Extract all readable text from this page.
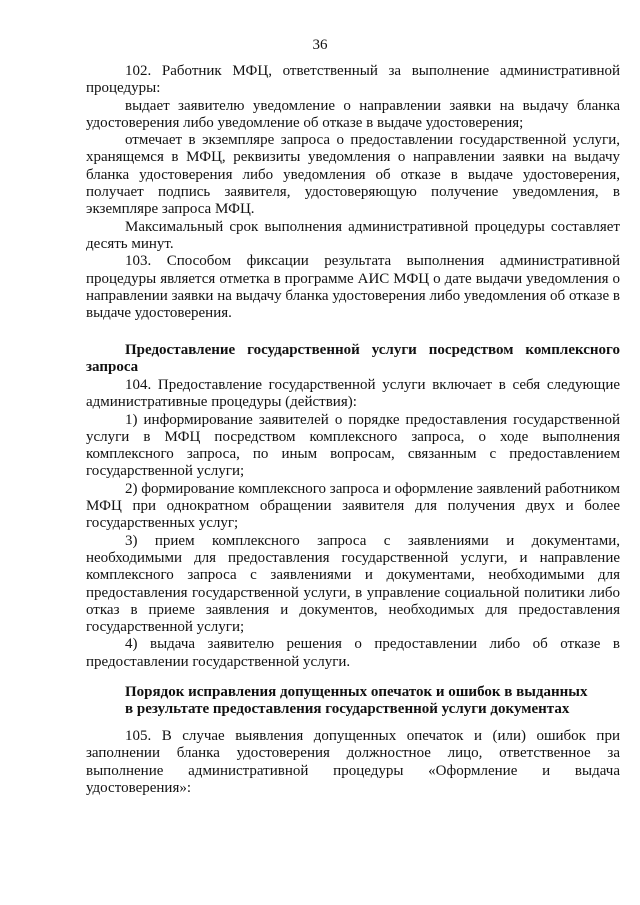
36

102. Работник МФЦ, ответственный за выполнение административной процедуры:

выдает заявителю уведомление о направлении заявки на выдачу бланка удостоверения либо уведомление об отказе в выдаче удостоверения;

отмечает в экземпляре запроса о предоставлении государственной услуги, хранящемся в МФЦ, реквизиты уведомления о направлении заявки на выдачу бланка удостоверения либо уведомления об отказе в выдаче удостоверения, получает подпись заявителя, удостоверяющую получение уведомления, в экземпляре запроса МФЦ.

Максимальный срок выполнения административной процедуры составляет десять минут.

103. Способом фиксации результата выполнения административной процедуры является отметка в программе АИС МФЦ о дате выдачи уведомления о направлении заявки на выдачу бланка удостоверения либо уведомления об отказе в выдаче удостоверения.

Предоставление государственной услуги посредством комплексного запроса

104. Предоставление государственной услуги включает в себя следующие административные процедуры (действия):

1) информирование заявителей о порядке предоставления государственной услуги в МФЦ посредством комплексного запроса, о ходе выполнения комплексного запроса, по иным вопросам, связанным с предоставлением государственной услуги;

2) формирование комплексного запроса и оформление заявлений работником МФЦ при однократном обращении заявителя для получения двух и более государственных услуг;

3) прием комплексного запроса с заявлениями и документами, необходимыми для предоставления государственной услуги, и направление комплексного запроса с заявлениями и документами, необходимыми для предоставления государственной услуги, в управление социальной политики либо отказ в приеме заявления и документов, необходимых для предоставления государственной услуги;

4) выдача заявителю решения о предоставлении либо об отказе в предоставлении государственной услуги.

Порядок исправления допущенных опечаток и ошибок в выданных
в результате предоставления государственной услуги документах

105. В случае выявления допущенных опечаток и (или) ошибок при заполнении бланка удостоверения должностное лицо, ответственное за выполнение административной процедуры «Оформление и выдача удостоверения»:
